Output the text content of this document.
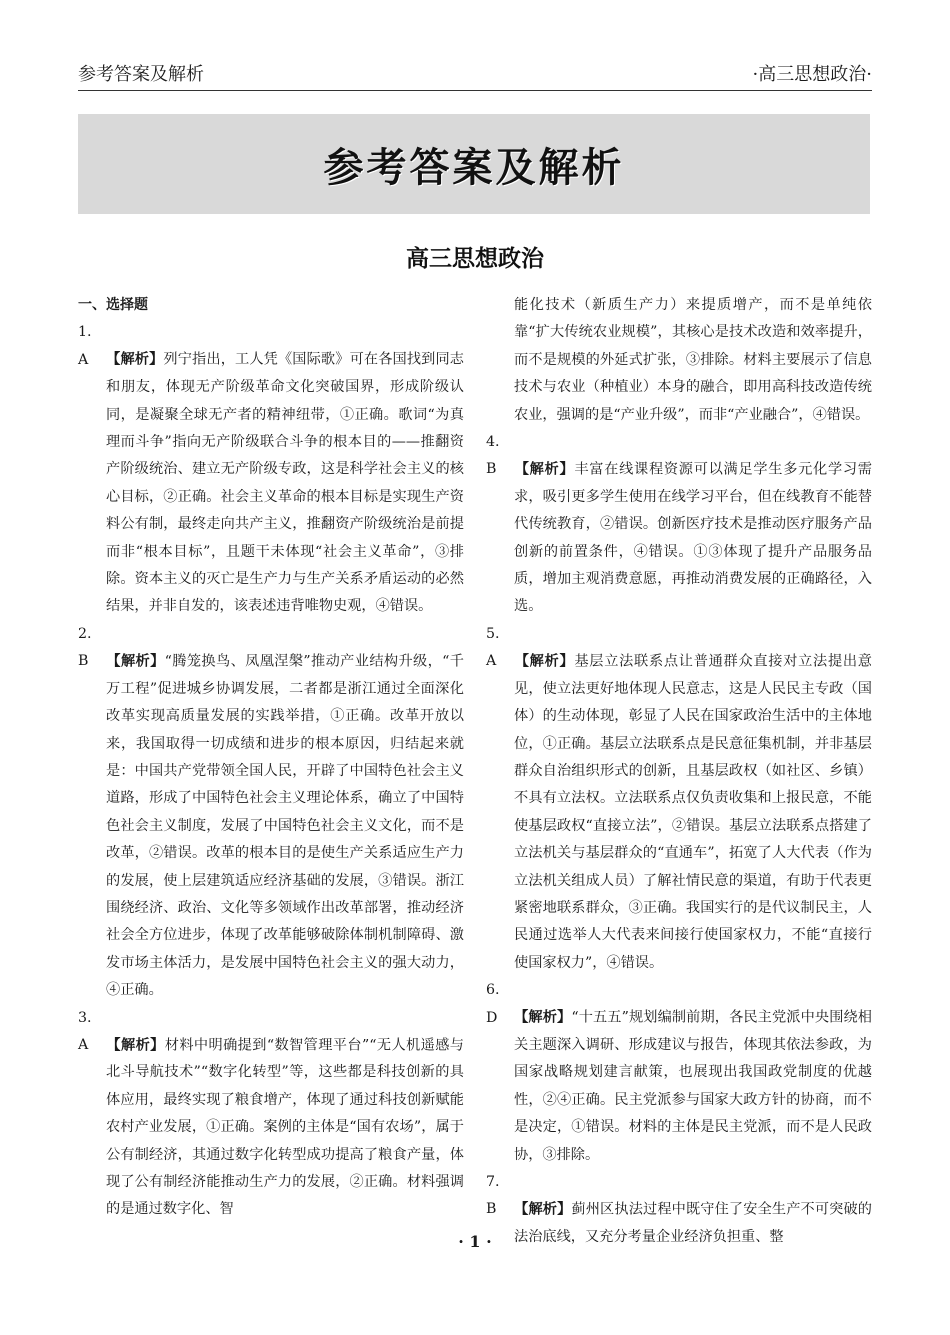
参考答案及解析	·高三思想政治·
参考答案及解析
高三思想政治

一、选择题

1. A 【解析】列宁指出，工人凭《国际歌》可在各国找到同志和朋友，体现无产阶级革命文化突破国界，形成阶级认同，是凝聚全球无产者的精神纽带，①正确。歌词“为真理而斗争”指向无产阶级联合斗争的根本目的——推翻资产阶级统治、建立无产阶级专政，这是科学社会主义的核心目标，②正确。社会主义革命的根本目标是实现生产资料公有制，最终走向共产主义，推翻资产阶级统治是前提而非“根本目标”，且题干未体现“社会主义革命”，③排除。资本主义的灭亡是生产力与生产关系矛盾运动的必然结果，并非自发的，该表述违背唯物史观，④错误。

2. B 【解析】“腾笼换鸟、凤凰涅槃”推动产业结构升级，“千万工程”促进城乡协调发展，二者都是浙江通过全面深化改革实现高质量发展的实践举措，①正确。改革开放以来，我国取得一切成绩和进步的根本原因，归结起来就是：中国共产党带领全国人民，开辟了中国特色社会主义道路，形成了中国特色社会主义理论体系，确立了中国特色社会主义制度，发展了中国特色社会主义文化，而不是改革，②错误。改革的根本目的是使生产关系适应生产力的发展，使上层建筑适应经济基础的发展，③错误。浙江围绕经济、政治、文化等多领域作出改革部署，推动经济社会全方位进步，体现了改革能够破除体制机制障碍、激发市场主体活力，是发展中国特色社会主义的强大动力，④正确。

3. A 【解析】材料中明确提到“数智管理平台”“无人机遥感与北斗导航技术”“数字化转型”等，这些都是科技创新的具体应用，最终实现了粮食增产，体现了通过科技创新赋能农村产业发展，①正确。案例的主体是“国有农场”，属于公有制经济，其通过数字化转型成功提高了粮食产量，体现了公有制经济能推动生产力的发展，②正确。材料强调的是通过数字化、智

能化技术（新质生产力）来提质增产，而不是单纯依靠“扩大传统农业规模”，其核心是技术改造和效率提升，而不是规模的外延式扩张，③排除。材料主要展示了信息技术与农业（种植业）本身的融合，即用高科技改造传统农业，强调的是“产业升级”，而非“产业融合”，④错误。

4. B 【解析】丰富在线课程资源可以满足学生多元化学习需求，吸引更多学生使用在线学习平台，但在线教育不能替代传统教育，②错误。创新医疗技术是推动医疗服务产品创新的前置条件，④错误。①③体现了提升产品服务品质，增加主观消费意愿，再推动消费发展的正确路径，入选。

5. A 【解析】基层立法联系点让普通群众直接对立法提出意见，使立法更好地体现人民意志，这是人民民主专政（国体）的生动体现，彰显了人民在国家政治生活中的主体地位，①正确。基层立法联系点是民意征集机制，并非基层群众自治组织形式的创新，且基层政权（如社区、乡镇）不具有立法权。立法联系点仅负责收集和上报民意，不能使基层政权“直接立法”，②错误。基层立法联系点搭建了立法机关与基层群众的“直通车”，拓宽了人大代表（作为立法机关组成人员）了解社情民意的渠道，有助于代表更紧密地联系群众，③正确。我国实行的是代议制民主，人民通过选举人大代表来间接行使国家权力，不能“直接行使国家权力”，④错误。

6. D 【解析】“十五五”规划编制前期，各民主党派中央围绕相关主题深入调研、形成建议与报告，体现其依法参政，为国家战略规划建言献策，也展现出我国政党制度的优越性，②④正确。民主党派参与国家大政方针的协商，而不是决定，①错误。材料的主体是民主党派，而不是人民政协，③排除。

7. B 【解析】蓟州区执法过程中既守住了安全生产不可突破的法治底线，又充分考量企业经济负担重、整

· 1 ·
